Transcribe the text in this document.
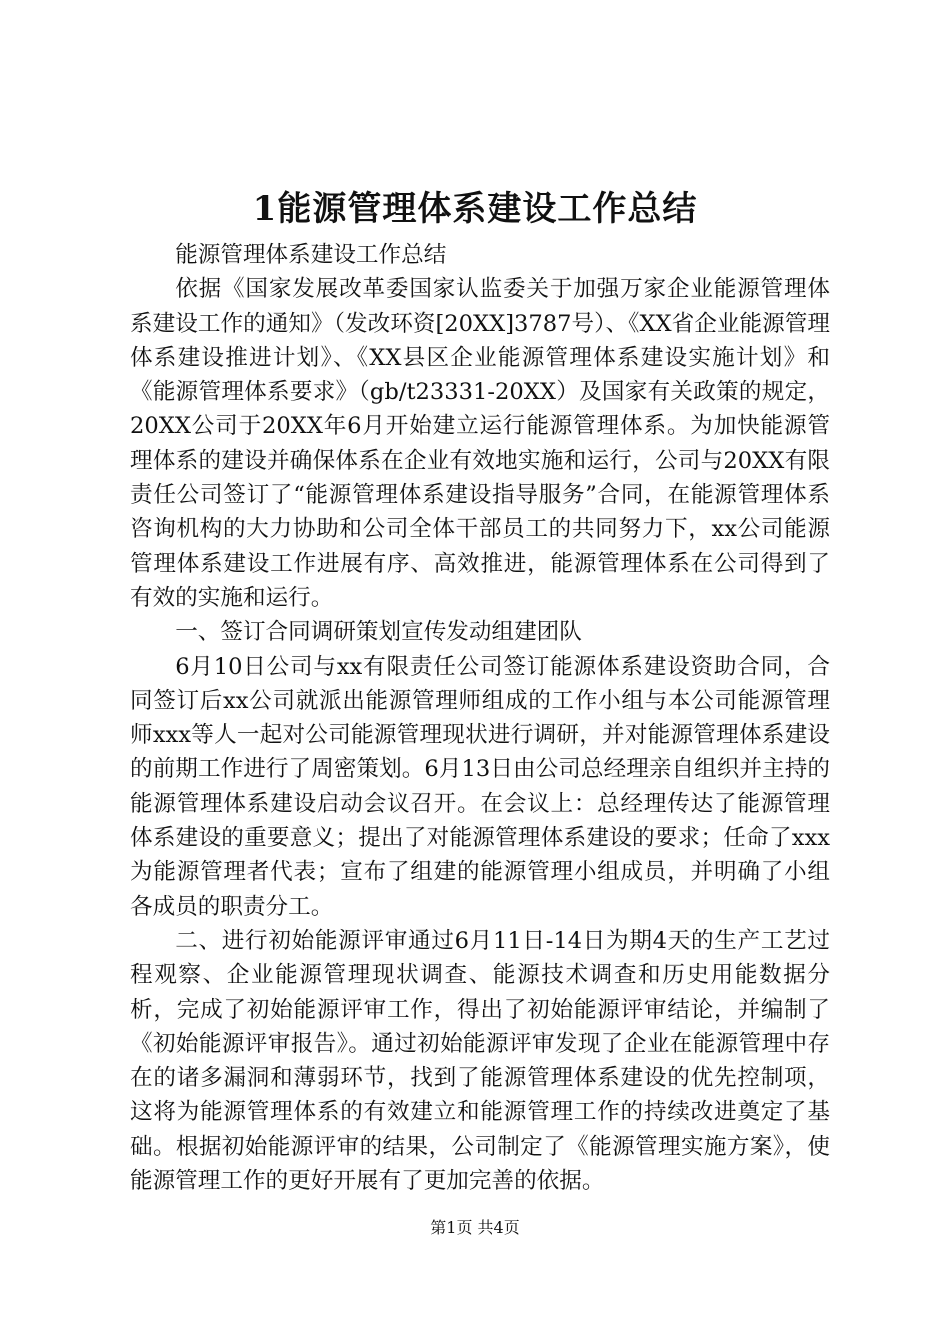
1能源管理体系建设工作总结

能源管理体系建设工作总结

依据《国家发展改革委国家认监委关于加强万家企业能源管理体系建设工作的通知》（发改环资[20XX]3787号）、《XX省企业能源管理体系建设推进计划》、《XX县区企业能源管理体系建设实施计划》和《能源管理体系要求》（gb/t23331-20XX）及国家有关政策的规定，20XX公司于20XX年6月开始建立运行能源管理体系。为加快能源管理体系的建设并确保体系在企业有效地实施和运行，公司与20XX有限责任公司签订了“能源管理体系建设指导服务”合同，在能源管理体系咨询机构的大力协助和公司全体干部员工的共同努力下，xx公司能源管理体系建设工作进展有序、高效推进，能源管理体系在公司得到了有效的实施和运行。

一、签订合同调研策划宣传发动组建团队

6月10日公司与xx有限责任公司签订能源体系建设资助合同，合同签订后xx公司就派出能源管理师组成的工作小组与本公司能源管理师xxx等人一起对公司能源管理现状进行调研，并对能源管理体系建设的前期工作进行了周密策划。6月13日由公司总经理亲自组织并主持的能源管理体系建设启动会议召开。在会议上：总经理传达了能源管理体系建设的重要意义；提出了对能源管理体系建设的要求；任命了xxx为能源管理者代表；宣布了组建的能源管理小组成员，并明确了小组各成员的职责分工。

二、进行初始能源评审通过6月11日-14日为期4天的生产工艺过程观察、企业能源管理现状调查、能源技术调查和历史用能数据分析，完成了初始能源评审工作，得出了初始能源评审结论，并编制了《初始能源评审报告》。通过初始能源评审发现了企业在能源管理中存在的诸多漏洞和薄弱环节，找到了能源管理体系建设的优先控制项，这将为能源管理体系的有效建立和能源管理工作的持续改进奠定了基础。根据初始能源评审的结果，公司制定了《能源管理实施方案》，使能源管理工作的更好开展有了更加完善的依据。

第1页 共4页
